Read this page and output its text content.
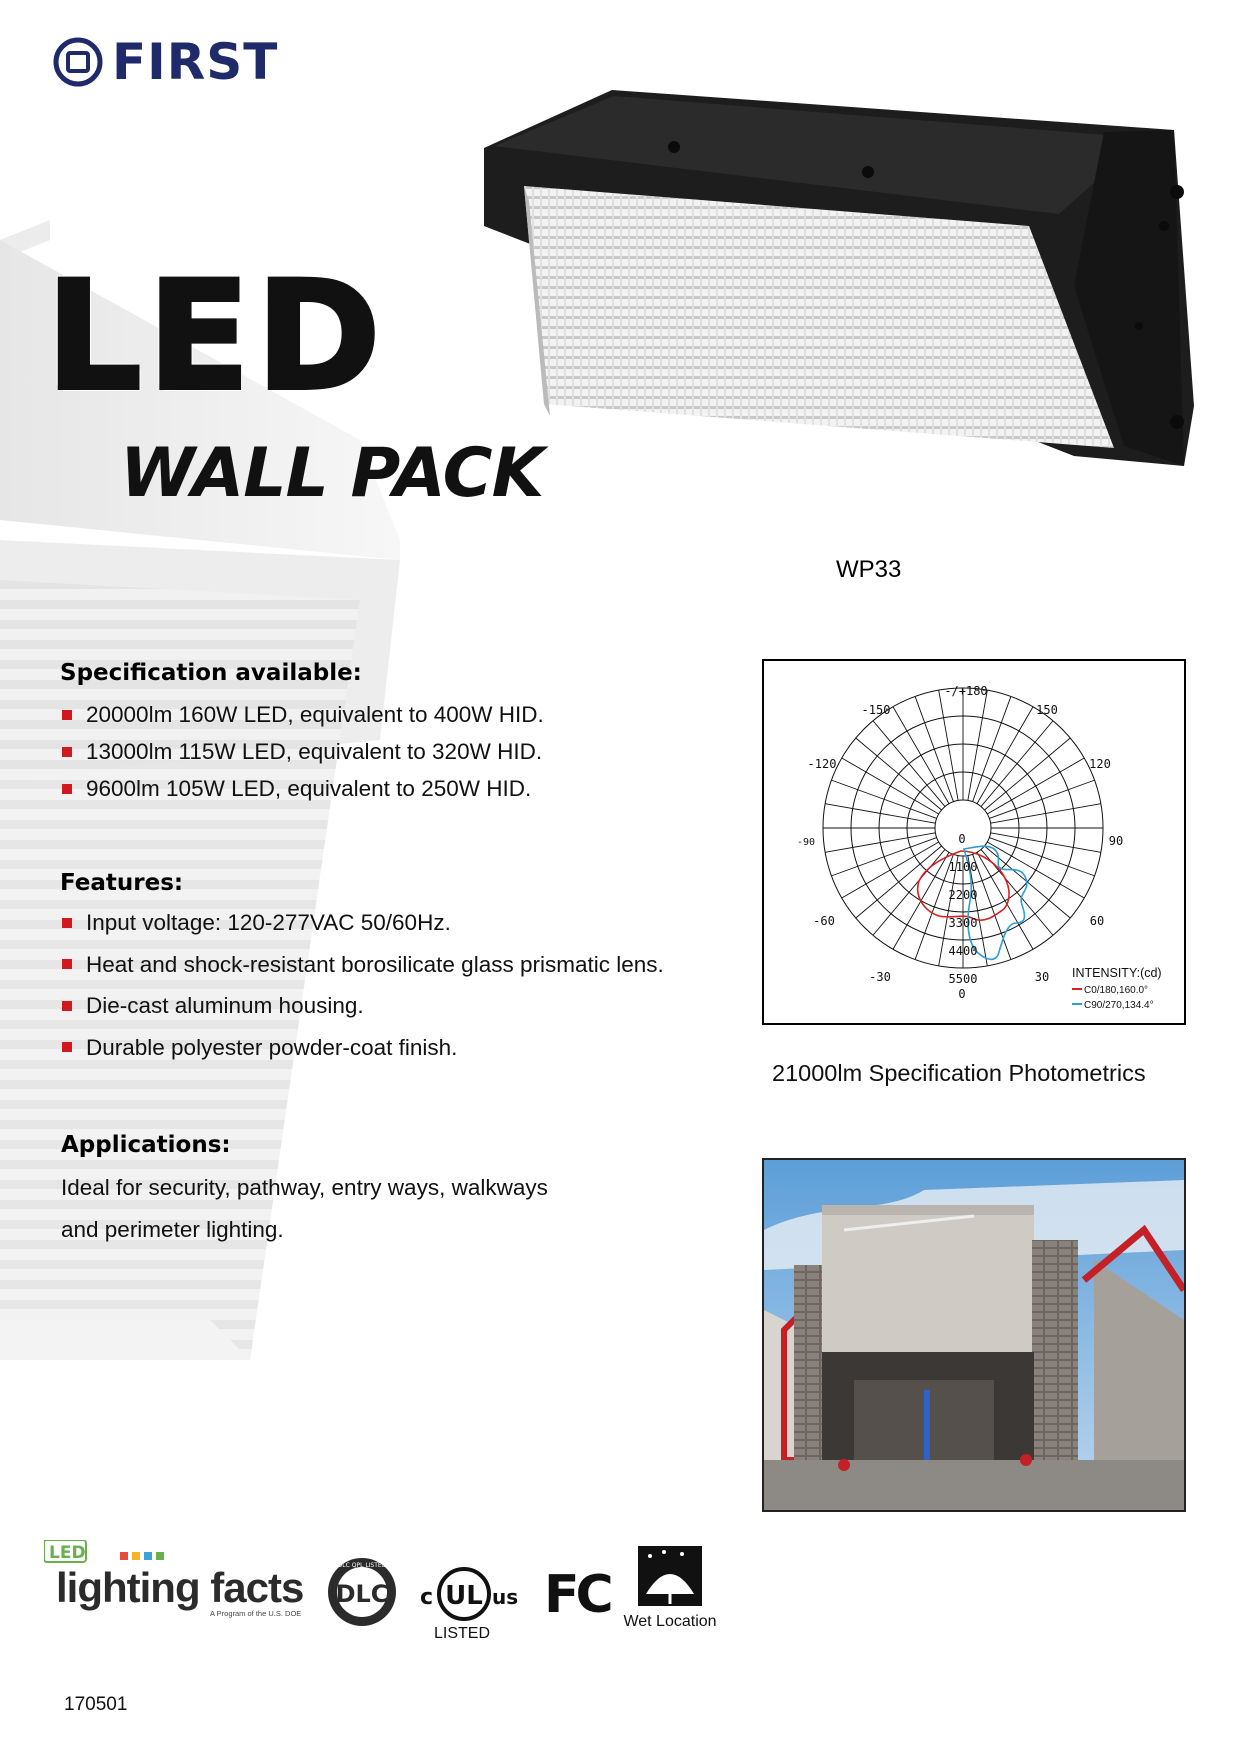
FIRST
LED
WALL PACK
WP33
Specification available:
20000lm 160W LED, equivalent to 400W HID.
13000lm 115W LED, equivalent to 320W HID.
9600lm 105W LED, equivalent to 250W HID.
Features:
Input voltage: 120-277VAC 50/60Hz.
Heat and shock-resistant borosilicate glass prismatic lens.
Die-cast aluminum housing.
Durable polyester powder-coat finish.
Applications:
Ideal for security, pathway, entry ways, walkways
and perimeter lighting.
-/+180
-150	150
-120	120
-90	90
-60	60
-30	30
0
0
1100
2200
3300
4400
5500	INTENSITY:(cd)
C0/180,160.0°
C90/270,134.4°
21000lm Specification Photometrics
LED
lighting facts
A Program of the U.S. DOE
DLC QPL LISTED
DLC c UL us
LISTED
FC Wet Location
170501
